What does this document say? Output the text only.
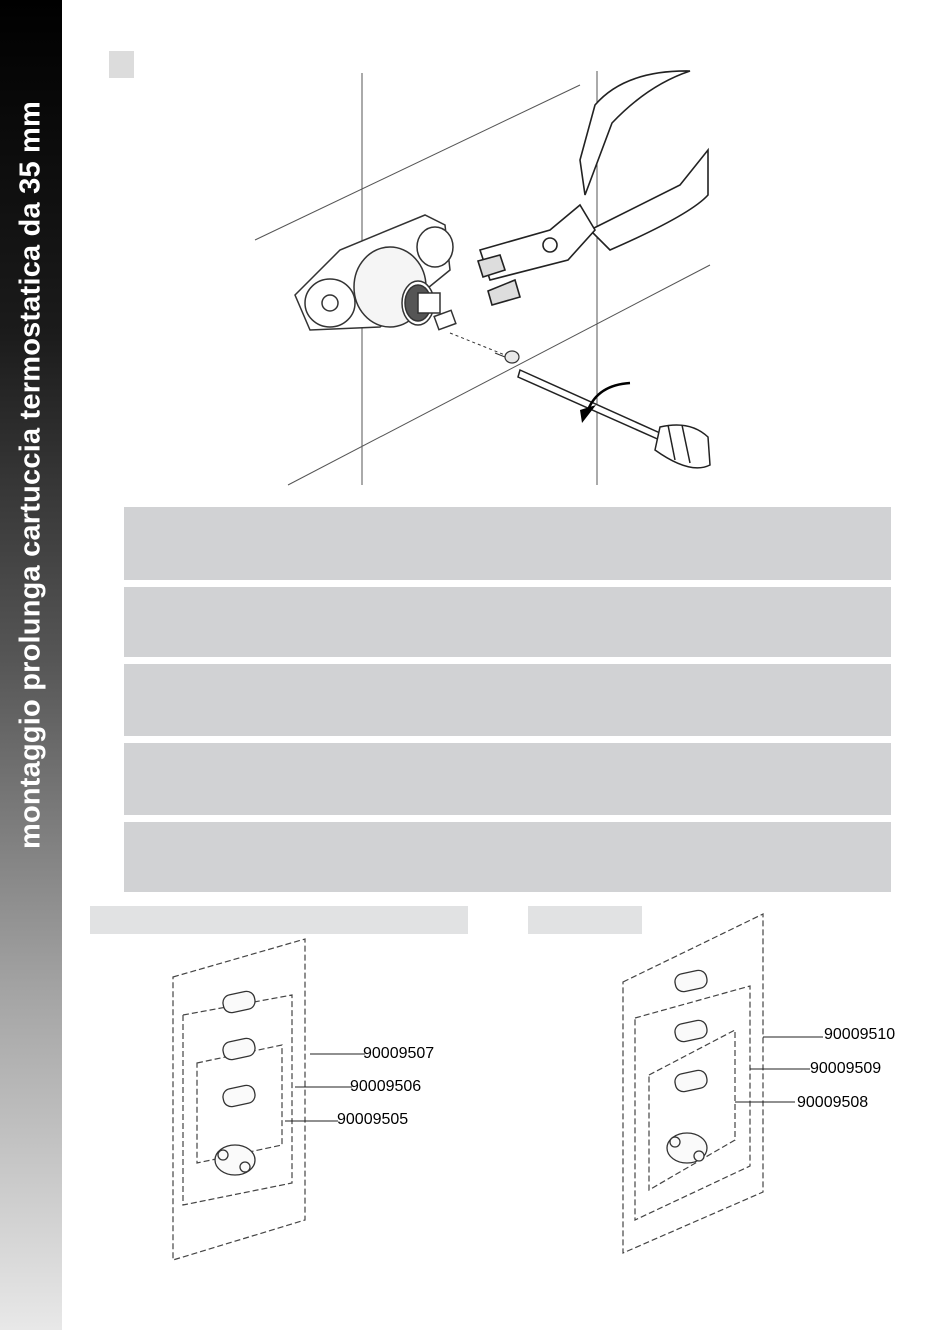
montaggio prolunga cartuccia termostatica da 35 mm
90009507
90009506
90009505
90009510
90009509
90009508
